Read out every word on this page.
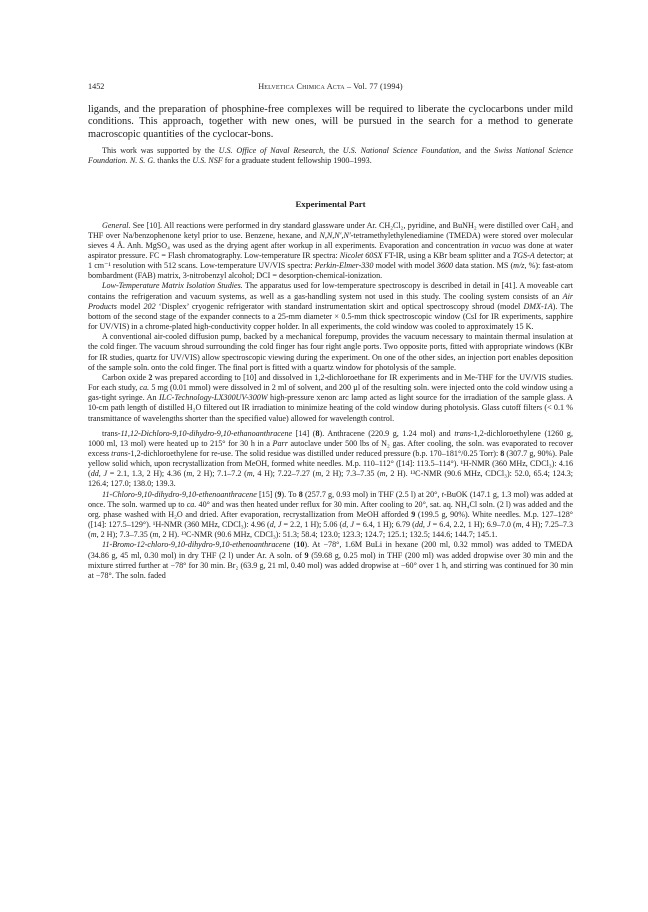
1452	Helvetica Chimica Acta – Vol. 77 (1994)

ligands, and the preparation of phosphine-free complexes will be required to liberate the cyclocarbons under mild conditions. This approach, together with new ones, will be pursued in the search for a method to generate macroscopic quantities of the cyclocar-bons.

This work was supported by the U.S. Office of Naval Research, the U.S. National Science Foundation, and the Swiss National Science Foundation. N. S. G. thanks the U.S. NSF for a graduate student fellowship 1900–1993.

Experimental Part

General. See [10]. All reactions were performed in dry standard glassware under Ar. CH₂Cl₂, pyridine, and BuNH₂ were distilled over CaH₂ and THF over Na/benzophenone ketyl prior to use. Benzene, hexane, and N,N,N′,N′-tetramethylethylenediamine (TMEDA) were stored over molecular sieves 4 Å. Anh. MgSO₄ was used as the drying agent after workup in all experiments. Evaporation and concentration in vacuo was done at water aspirator pressure. FC = Flash chromatography. Low-temperature IR spectra: Nicolet 60SX FT-IR, using a KBr beam splitter and a TGS-A detector; at 1 cm⁻¹ resolution with 512 scans. Low-temperature UV/VIS spectra: Perkin-Elmer-330 model with model 3600 data station. MS (m/z, %): fast-atom bombardment (FAB) matrix, 3-nitrobenzyl alcohol; DCI = desorption-chemical-ionization.

Low-Temperature Matrix Isolation Studies. The apparatus used for low-temperature spectroscopy is described in detail in [41]. A moveable cart contains the refrigeration and vacuum systems, as well as a gas-handling system not used in this study. The cooling system consists of an Air Products model 202 ‘Displex’ cryogenic refrigerator with standard instrumentation skirt and optical spectroscopy shroud (model DMX-1A). The bottom of the second stage of the expander connects to a 25-mm diameter × 0.5-mm thick spectroscopic window (CsI for IR experiments, sapphire for UV/VIS) in a chrome-plated high-conductivity copper holder. In all experiments, the cold window was cooled to approximately 15 K.

A conventional air-cooled diffusion pump, backed by a mechanical forepump, provides the vacuum necessary to maintain thermal insulation at the cold finger. The vacuum shroud surrounding the cold finger has four right angle ports. Two opposite ports, fitted with appropriate windows (KBr for IR studies, quartz for UV/VIS) allow spectroscopic viewing during the experiment. On one of the other sides, an injection port enables deposition of the sample soln. onto the cold finger. The final port is fitted with a quartz window for photolysis of the sample.

Carbon oxide 2 was prepared according to [10] and dissolved in 1,2-dichloroethane for IR experiments and in Me-THF for the UV/VIS studies. For each study, ca. 5 mg (0.01 mmol) were dissolved in 2 ml of solvent, and 200 µl of the resulting soln. were injected onto the cold window using a gas-tight syringe. An ILC-Technology-LX300UV-300W high-pressure xenon arc lamp acted as light source for the irradiation of the sample glass. A 10-cm path length of distilled H₂O filtered out IR irradiation to minimize heating of the cold window during photolysis. Glass cutoff filters (< 0.1 % transmittance of wavelengths shorter than the specified value) allowed for wavelength control.

trans-11,12-Dichloro-9,10-dihydro-9,10-ethanoanthracene [14] (8). Anthracene (220.9 g, 1.24 mol) and trans-1,2-dichloroethylene (1260 g, 1000 ml, 13 mol) were heated up to 215° for 30 h in a Parr autoclave under 500 lbs of N₂ gas. After cooling, the soln. was evaporated to recover excess trans-1,2-dichloroethylene for re-use. The solid residue was distilled under reduced pressure (b.p. 170–181°/0.25 Torr): 8 (307.7 g, 90%). Pale yellow solid which, upon recrystallization from MeOH, formed white needles. M.p. 110–112° ([14]: 113.5–114°). ¹H-NMR (360 MHz, CDCl₃): 4.16 (dd, J = 2.1, 1.3, 2 H); 4.36 (m, 2 H); 7.1–7.2 (m, 4 H); 7.22–7.27 (m, 2 H); 7.3–7.35 (m, 2 H). ¹³C-NMR (90.6 MHz, CDCl₃): 52.0, 65.4; 124.3; 126.4; 127.0; 138.0; 139.3.

11-Chloro-9,10-dihydro-9,10-ethenoanthracene [15] (9). To 8 (257.7 g, 0.93 mol) in THF (2.5 l) at 20°, t-BuOK (147.1 g, 1.3 mol) was added at once. The soln. warmed up to ca. 40° and was then heated under reflux for 30 min. After cooling to 20°, sat. aq. NH₄Cl soln. (2 l) was added and the org. phase washed with H₂O and dried. After evaporation, recrystallization from MeOH afforded 9 (199.5 g, 90%). White needles. M.p. 127–128° ([14]: 127.5–129°). ¹H-NMR (360 MHz, CDCl₃): 4.96 (d, J = 2.2, 1 H); 5.06 (d, J = 6.4, 1 H); 6.79 (dd, J = 6.4, 2.2, 1 H); 6.9–7.0 (m, 4 H); 7.25–7.3 (m, 2 H); 7.3–7.35 (m, 2 H). ¹³C-NMR (90.6 MHz, CDCl₃): 51.3; 58.4; 123.0; 123.3; 124.7; 125.1; 132.5; 144.6; 144.7; 145.1.

11-Bromo-12-chloro-9,10-dihydro-9,10-ethenoanthracene (10). At −78°, 1.6M BuLi in hexane (200 ml, 0.32 mmol) was added to TMEDA (34.86 g, 45 ml, 0.30 mol) in dry THF (2 l) under Ar. A soln. of 9 (59.68 g, 0.25 mol) in THF (200 ml) was added dropwise over 30 min and the mixture stirred further at −78° for 30 min. Br₂ (63.9 g, 21 ml, 0.40 mol) was added dropwise at −60° over 1 h, and stirring was continued for 30 min at −78°. The soln. faded
